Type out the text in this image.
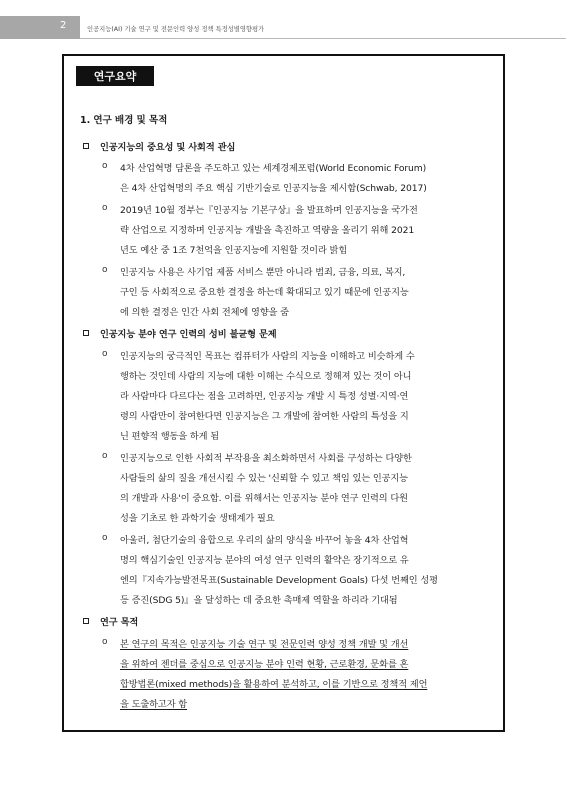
2	인공지능(AI) 기술 연구 및 전문인력 양성 정책 특정성별영향평가
연구요약
1. 연구 배경 및 목적
인공지능의 중요성 및 사회적 관심
o 4차 산업혁명 담론을 주도하고 있는 세계경제포럼(World Economic Forum)
은 4차 산업혁명의 주요 핵심 기반기술로 인공지능을 제시함(Schwab, 2017)
o 2019년 10월 정부는『인공지능 기본구상』을 발표하며 인공지능을 국가전
략 산업으로 지정하며 인공지능 개발을 촉진하고 역량을 올리기 위해 2021
년도 예산 중 1조 7천억을 인공지능에 지원할 것이라 밝힘
o 인공지능 사용은 사기업 제품 서비스 뿐만 아니라 범죄, 금융, 의료, 복지,
구인 등 사회적으로 중요한 결정을 하는데 확대되고 있기 때문에 인공지능
에 의한 결정은 인간 사회 전체에 영향을 줌
인공지능 분야 연구 인력의 성비 불균형 문제
o 인공지능의 궁극적인 목표는 컴퓨터가 사람의 지능을 이해하고 비슷하게 수
행하는 것인데 사람의 지능에 대한 이해는 수식으로 정해져 있는 것이 아니
라 사람마다 다르다는 점을 고려하면, 인공지능 개발 시 특정 성별·지역·연
령의 사람만이 참여한다면 인공지능은 그 개발에 참여한 사람의 특성을 지
닌 편향적 행동을 하게 됨
o 인공지능으로 인한 사회적 부작용을 최소화하면서 사회를 구성하는 다양한
사람들의 삶의 질을 개선시킬 수 있는 '신뢰할 수 있고 책임 있는 인공지능
의 개발과 사용'이 중요함. 이를 위해서는 인공지능 분야 연구 인력의 다원
성을 기초로 한 과학기술 생태계가 필요
o 아울러, 첨단기술의 융합으로 우리의 삶의 양식을 바꾸어 놓을 4차 산업혁
명의 핵심기술인 인공지능 분야의 여성 연구 인력의 활약은 장기적으로 유
엔의『지속가능발전목표(Sustainable Development Goals) 다섯 번째인 성평
등 증진(SDG 5)』을 달성하는 데 중요한 촉매제 역할을 하리라 기대됨
연구 목적
o 본 연구의 목적은 인공지능 기술 연구 및 전문인력 양성 정책 개발 및 개선
을 위하여 젠더를 중심으로 인공지능 분야 인력 현황, 근로환경, 문화를 혼
합방법론(mixed methods)을 활용하여 분석하고, 이를 기반으로 정책적 제언
을 도출하고자 함
